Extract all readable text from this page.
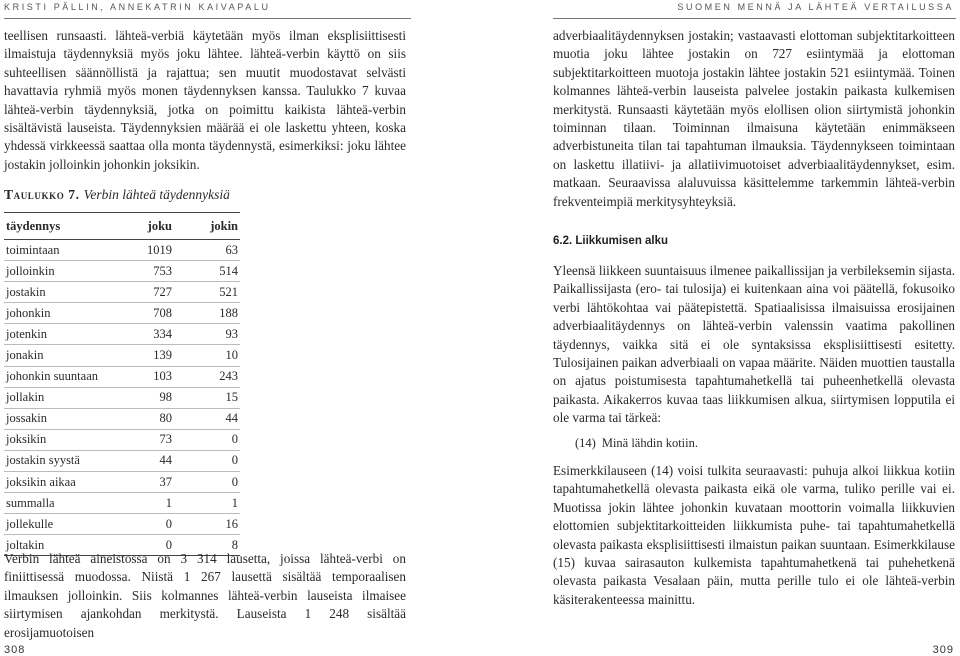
KRISTI PÄLLIN, ANNEKATRIN KAIVAPALU	SUOMEN MENNÄ JA LÄHTEÄ VERTAILUSSA

teellisen runsaasti. lähteä-verbiä käytetään myös ilman eksplisiittisesti ilmaistuja täydennyksiä myös joku lähtee. lähteä-verbin käyttö on siis suhteellisen säännöllistä ja rajattua; sen muutit muodostavat selvästi havattavia ryhmiä myös monen täydennyksen kanssa. Taulukko 7 kuvaa lähteä-verbin täydennyksiä, jotka on poimittu kaikista lähteä-verbin sisältävistä lauseista. Täydennyksien määrää ei ole laskettu yhteen, koska yhdessä virkkeessä saattaa olla monta täydennystä, esimerkiksi: joku lähtee jostakin jolloinkin johonkin joksikin.

Taulukko 7. Verbin lähteä täydennyksiä
täydennys	joku	jokin
toimintaan	1019	63
jolloinkin	753	514
jostakin	727	521
johonkin	708	188
jotenkin	334	93
jonakin	139	10
johonkin suuntaan	103	243
jollakin	98	15
jossakin	80	44
joksikin	73	0
jostakin syystä	44	0
joksikin aikaa	37	0
summalla	1	1
jollekulle	0	16
joltakin	0	8

Verbin lähteä aineistossa on 3 314 lausetta, joissa lähteä-verbi on finiittisessä muodossa. Niistä 1 267 lausettä sisältää temporaalisen ilmauksen jolloinkin. Siis kolmannes lähteä-verbin lauseista ilmaisee siirtymisen ajankohdan merkitystä. Lauseista 1 248 sisältää erosijamuotoisen

adverbiaalitäydennyksen jostakin; vastaavasti elottoman subjektitarkoitteen muotia joku lähtee jostakin on 727 esiintymää ja elottoman subjektitarkoitteen muotoja jostakin lähtee jostakin 521 esiintymää. Toinen kolmannes lähteä-verbin lauseista palvelee jostakin paikasta kulkemisen merkitystä. Runsaasti käytetään myös elollisen olion siirtymistä johonkin toiminnan tilaan. Toiminnan ilmaisuna käytetään enimmäkseen adverbistuneita tilan tai tapahtuman ilmauksia. Täydennykseen toimintaan on laskettu illatiivi- ja allatiivimuotoiset adverbiaalitäydennykset, esim. matkaan. Seuraavissa alaluvuissa käsittelemme tarkemmin lähteä-verbin frekventeimpiä merkitysyhteyksiä.

6.2. Liikkumisen alku

Yleensä liikkeen suuntaisuus ilmenee paikallissijan ja verbileksemin sijasta. Paikallissijasta (ero- tai tulosija) ei kuitenkaan aina voi päätellä, fokusoiko verbi lähtökohtaa vai päätepistettä. Spatiaalisissa ilmaisuissa erosijainen adverbiaalitäydennys on lähteä-verbin valenssin vaatima pakollinen täydennys, vaikka sitä ei ole syntaksissa eksplisiittisesti esitetty. Tulosijainen paikan adverbiaali on vapaa määrite. Näiden muottien taustalla on ajatus poistumisesta tapahtumahetkellä tai puheenhetkellä olevasta paikasta. Aikakerros kuvaa taas liikkumisen alkua, siirtymisen lopputila ei ole varma tai tärkeä:

(14) Minä lähdin kotiin.

Esimerkkilauseen (14) voisi tulkita seuraavasti: puhuja alkoi liikkua kotiin tapahtumahetkellä olevasta paikasta eikä ole varma, tuliko perille vai ei. Muotissa jokin lähtee johonkin kuvataan moottorin voimalla liikkuvien elottomien subjektitarkoitteiden liikkumista puhe- tai tapahtumahetkellä olevasta paikasta eksplisiittisesti ilmaistun paikan suuntaan. Esimerkkilause (15) kuvaa sairasauton kulkemista tapahtumahetkenä tai puhehetkenä olevasta paikasta Vesalaan päin, mutta perille tulo ei ole lähteä-verbin käsiterakenteessa mainittu.

308	309
